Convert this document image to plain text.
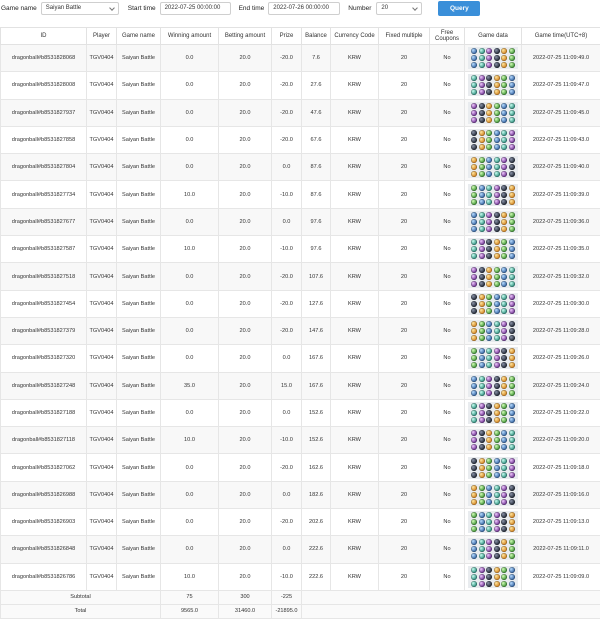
Game name Saiyan Battle	Start time 2022-07-25 00:00:00	End time 2022-07-26 00:00:00	Number 20	Query
ID	Player	Game name	Winning amount	Betting amount	Prize	Balance	Currency Code	Fixed multiple	Free Coupons	Game data	Game time(UTC+8)
dragonball#b8531828068	TGV0404	Saiyan Battle	0.0	20.0	-20.0	7.6	KRW	20	No		2022-07-25 11:09:49.0
dragonball#b8531828008	TGV0404	Saiyan Battle	0.0	20.0	-20.0	27.6	KRW	20	No		2022-07-25 11:09:47.0
dragonball#b8531827937	TGV0404	Saiyan Battle	0.0	20.0	-20.0	47.6	KRW	20	No		2022-07-25 11:09:45.0
dragonball#b8531827858	TGV0404	Saiyan Battle	0.0	20.0	-20.0	67.6	KRW	20	No		2022-07-25 11:09:43.0
dragonball#b8531827804	TGV0404	Saiyan Battle	0.0	20.0	0.0	87.6	KRW	20	No		2022-07-25 11:09:40.0
dragonball#b8531827734	TGV0404	Saiyan Battle	10.0	20.0	-10.0	87.6	KRW	20	No		2022-07-25 11:09:39.0
dragonball#b8531827677	TGV0404	Saiyan Battle	0.0	20.0	0.0	97.6	KRW	20	No		2022-07-25 11:09:36.0
dragonball#b8531827587	TGV0404	Saiyan Battle	10.0	20.0	-10.0	97.6	KRW	20	No		2022-07-25 11:09:35.0
dragonball#b8531827518	TGV0404	Saiyan Battle	0.0	20.0	-20.0	107.6	KRW	20	No		2022-07-25 11:09:32.0
dragonball#b8531827454	TGV0404	Saiyan Battle	0.0	20.0	-20.0	127.6	KRW	20	No		2022-07-25 11:09:30.0
dragonball#b8531827379	TGV0404	Saiyan Battle	0.0	20.0	-20.0	147.6	KRW	20	No		2022-07-25 11:09:28.0
dragonball#b8531827320	TGV0404	Saiyan Battle	0.0	20.0	0.0	167.6	KRW	20	No		2022-07-25 11:09:26.0
dragonball#b8531827248	TGV0404	Saiyan Battle	35.0	20.0	15.0	167.6	KRW	20	No		2022-07-25 11:09:24.0
dragonball#b8531827188	TGV0404	Saiyan Battle	0.0	20.0	0.0	152.6	KRW	20	No		2022-07-25 11:09:22.0
dragonball#b8531827118	TGV0404	Saiyan Battle	10.0	20.0	-10.0	152.6	KRW	20	No		2022-07-25 11:09:20.0
dragonball#b8531827062	TGV0404	Saiyan Battle	0.0	20.0	-20.0	162.6	KRW	20	No		2022-07-25 11:09:18.0
dragonball#b8531826988	TGV0404	Saiyan Battle	0.0	20.0	0.0	182.6	KRW	20	No		2022-07-25 11:09:16.0
dragonball#b8531826903	TGV0404	Saiyan Battle	0.0	20.0	-20.0	202.6	KRW	20	No		2022-07-25 11:09:13.0
dragonball#b8531826848	TGV0404	Saiyan Battle	0.0	20.0	0.0	222.6	KRW	20	No		2022-07-25 11:09:11.0
dragonball#b8531826786	TGV0404	Saiyan Battle	10.0	20.0	-10.0	222.6	KRW	20	No		2022-07-25 11:09:09.0
Subtotal			75	300	-225						
Total			9565.0	31460.0	-21895.0						
